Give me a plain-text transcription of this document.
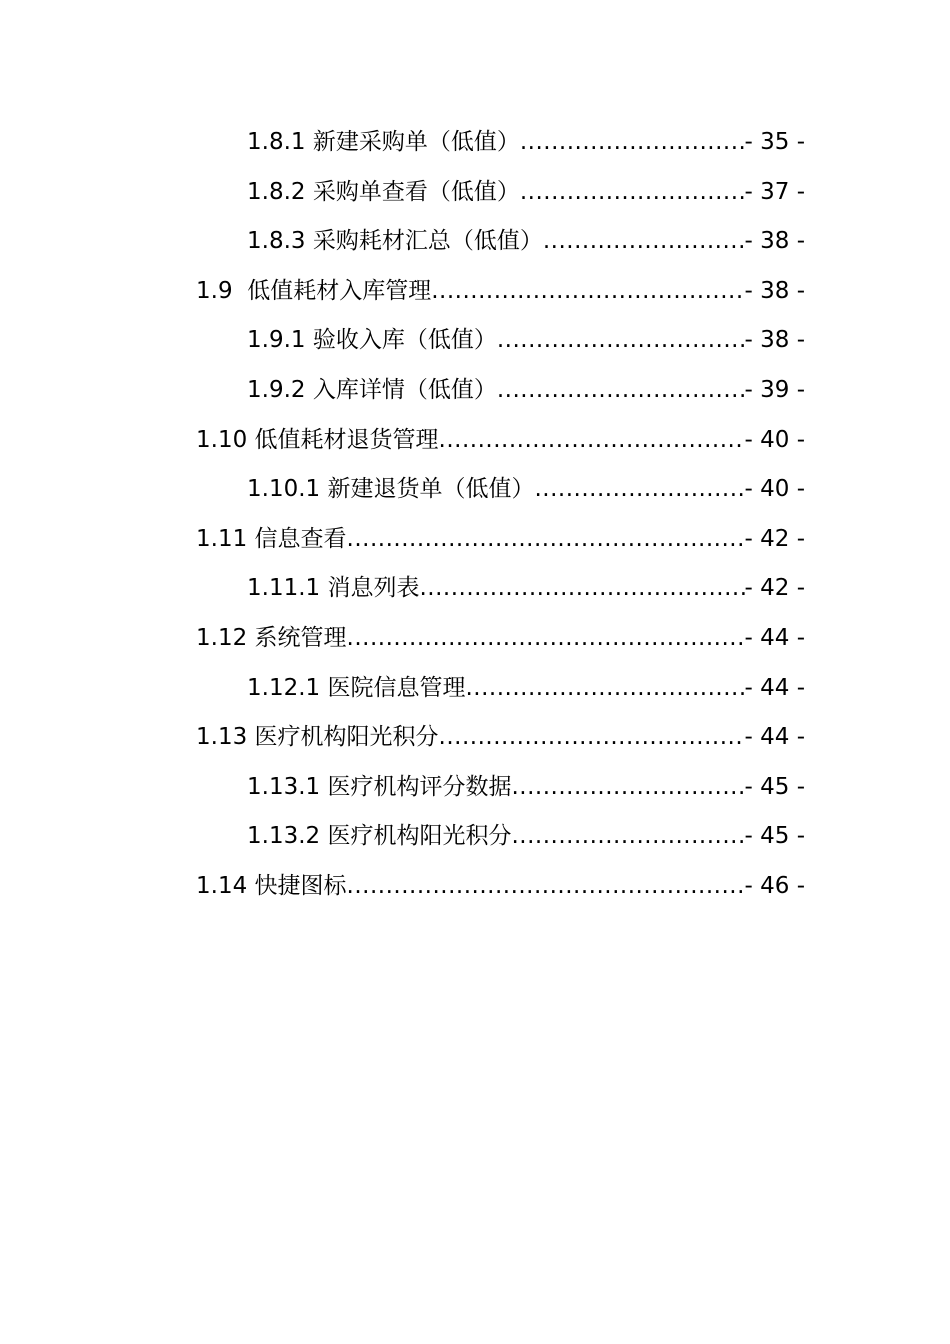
1.8.1 新建采购单（低值） .....	- 35 -
1.8.2 采购单查看（低值） .....	- 37 -
1.8.3 采购耗材汇总（低值） .....	- 38 -
1.9  低值耗材入库管理 .....	- 38 -
1.9.1 验收入库（低值） .....	- 38 -
1.9.2 入库详情（低值） .....	- 39 -
1.10 低值耗材退货管理 .....	- 40 -
1.10.1 新建退货单（低值） .....	- 40 -
1.11 信息查看 .....	- 42 -
1.11.1 消息列表 .....	- 42 -
1.12 系统管理 .....	- 44 -
1.12.1 医院信息管理 .....	- 44 -
1.13 医疗机构阳光积分 .....	- 44 -
1.13.1 医疗机构评分数据 .....	- 45 -
1.13.2 医疗机构阳光积分 .....	- 45 -
1.14 快捷图标 .....	- 46 -
